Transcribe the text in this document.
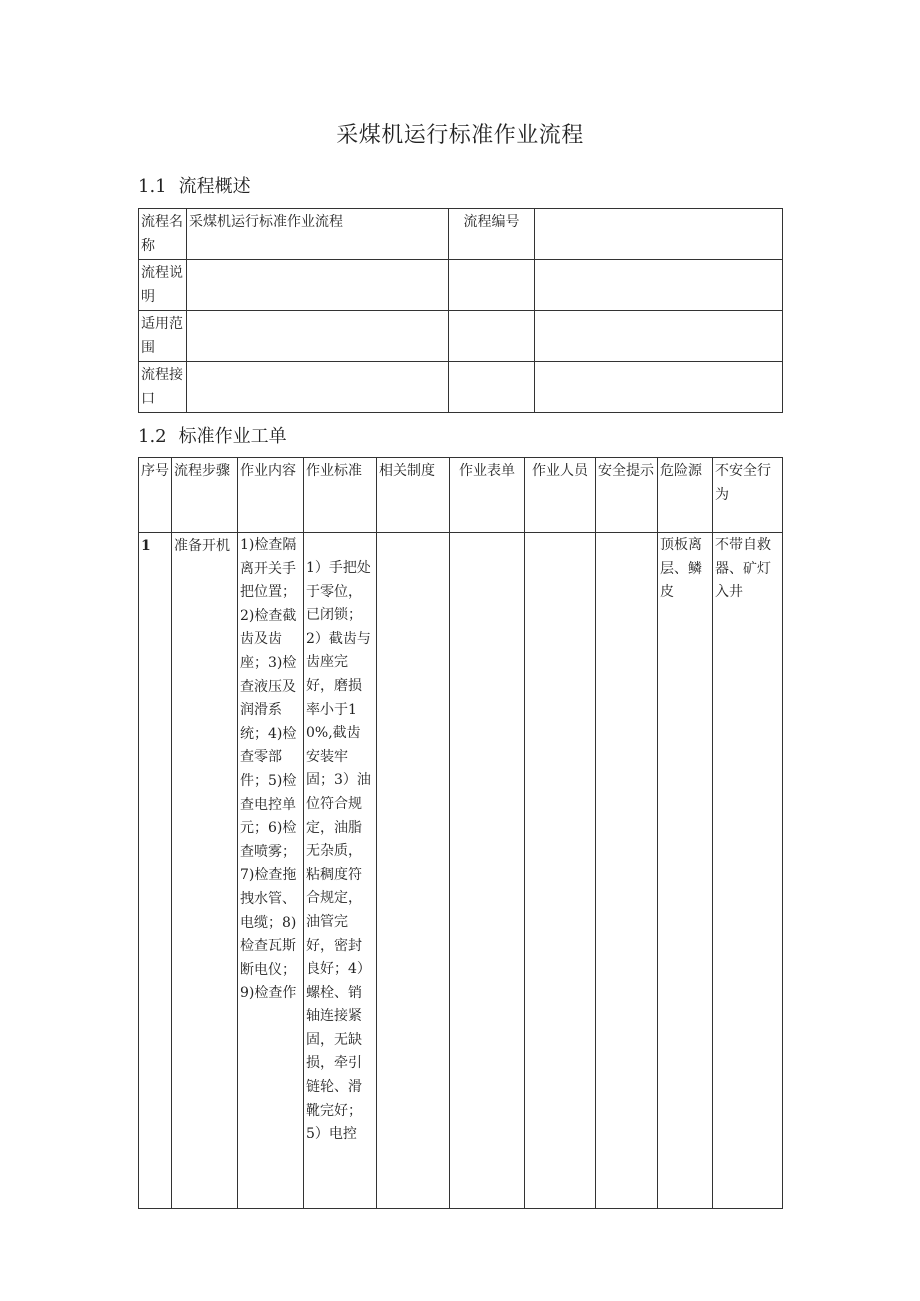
采煤机运行标准作业流程
1.1 流程概述
流程名称	采煤机运行标准作业流程	流程编号	
流程说明			
适用范围			
流程接口			
1.2 标准作业工单
序号	流程步骤	作业内容	作业标准	相关制度	作业表单	作业人员	安全提示	危险源	不安全行为
1	准备开机	1)检查隔离开关手把位置；2)检查截齿及齿座；3)检查液压及润滑系统；4)检查零部件；5)检查电控单元；6)检查喷雾；7)检查拖拽水管、电缆；8)检查瓦斯断电仪；9)检查作	1）手把处于零位，已闭锁；2）截齿与齿座完好，磨损率小于10%,截齿安装牢固；3）油位符合规定，油脂无杂质，粘稠度符合规定，油管完好，密封良好；4）螺栓、销轴连接紧固，无缺损，牵引链轮、滑靴完好；5）电控					顶板离层、鳞皮	不带自救器、矿灯入井
